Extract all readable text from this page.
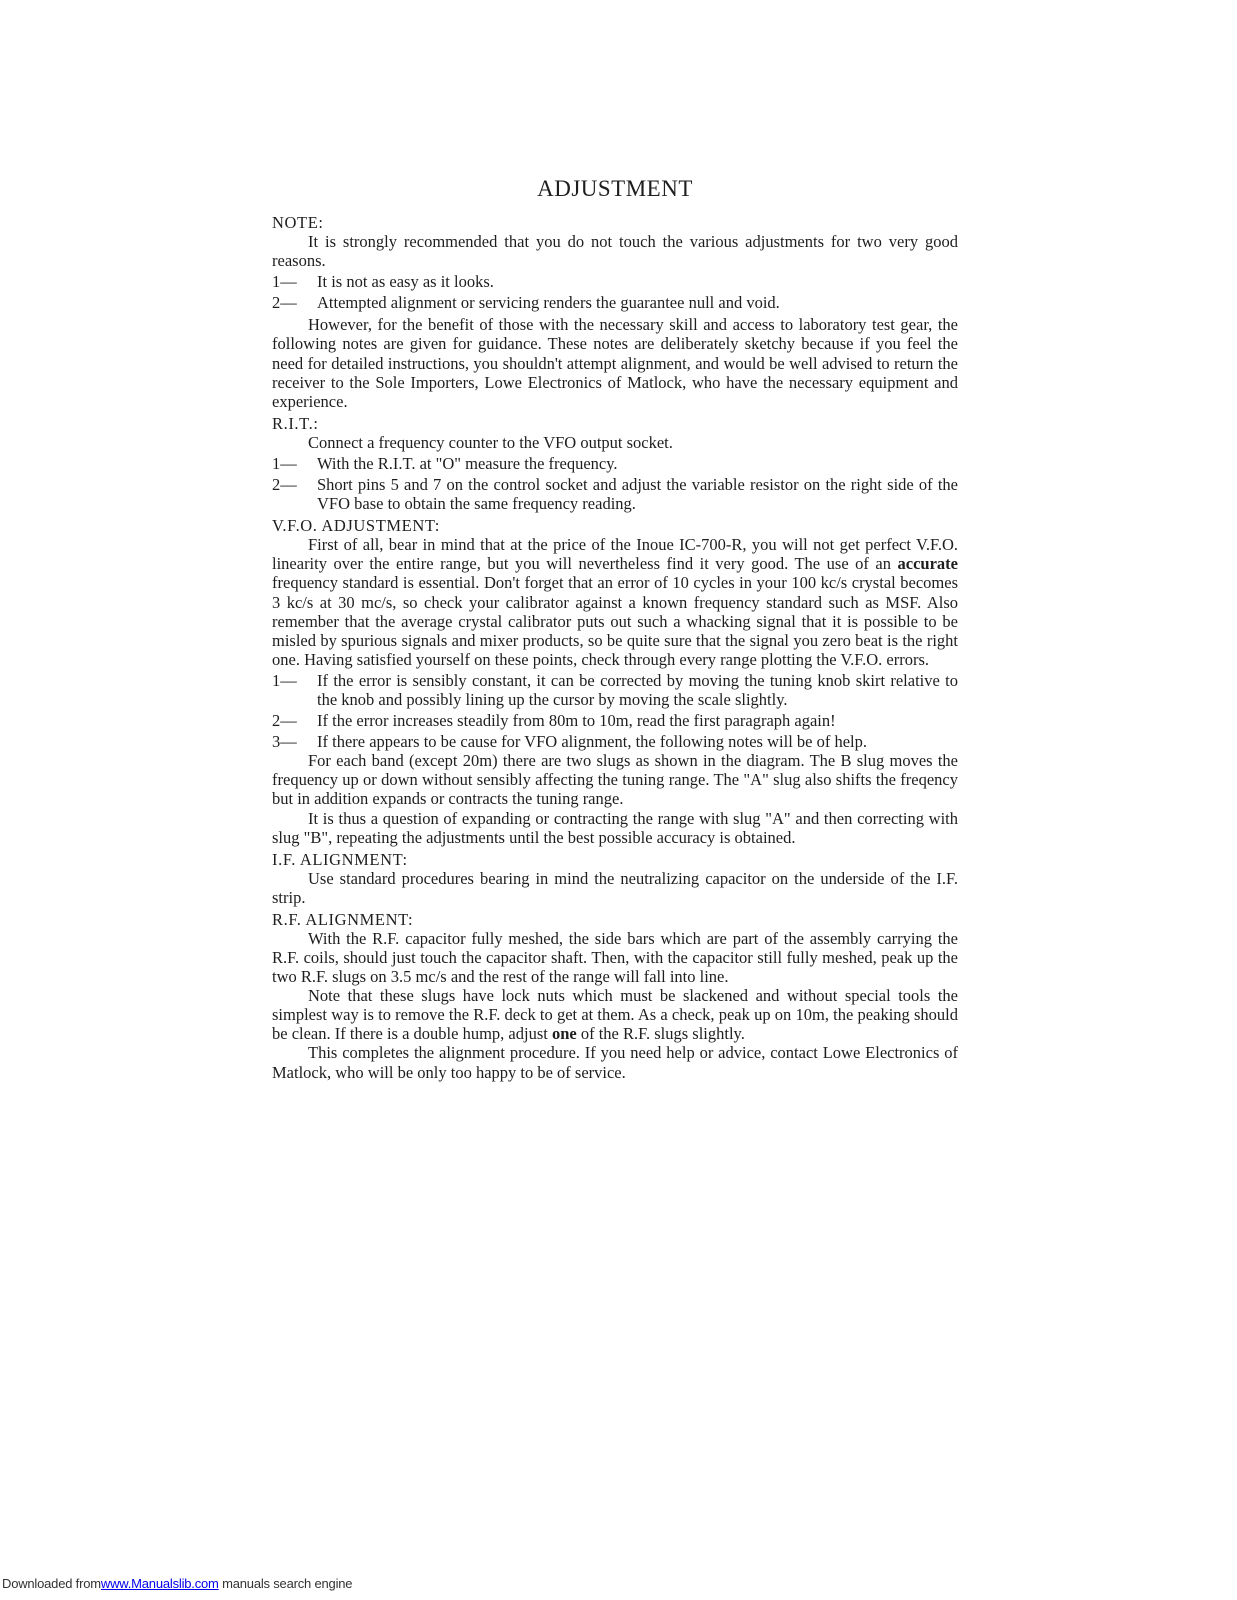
ADJUSTMENT
NOTE:

It is strongly recommended that you do not touch the various adjustments for two very good reasons.

1— It is not as easy as it looks.
2— Attempted alignment or servicing renders the guarantee null and void.

However, for the benefit of those with the necessary skill and access to laboratory test gear, the following notes are given for guidance. These notes are deliberately sketchy because if you feel the need for detailed instructions, you shouldn't attempt alignment, and would be well advised to return the receiver to the Sole Importers, Lowe Electronics of Matlock, who have the necessary equipment and experience.

R.I.T.:

Connect a frequency counter to the VFO output socket.

1— With the R.I.T. at "O" measure the frequency.
2— Short pins 5 and 7 on the control socket and adjust the variable resistor on the right side of the VFO base to obtain the same frequency reading.
V.F.O. ADJUSTMENT:

First of all, bear in mind that at the price of the Inoue IC-700-R, you will not get perfect V.F.O. linearity over the entire range, but you will nevertheless find it very good. The use of an accurate frequency standard is essential. Don't forget that an error of 10 cycles in your 100 kc/s crystal becomes 3 kc/s at 30 mc/s, so check your calibrator against a known frequency standard such as MSF. Also remember that the average crystal calibrator puts out such a whacking signal that it is possible to be misled by spurious signals and mixer products, so be quite sure that the signal you zero beat is the right one. Having satisfied yourself on these points, check through every range plotting the V.F.O. errors.

1— If the error is sensibly constant, it can be corrected by moving the tuning knob skirt relative to the knob and possibly lining up the cursor by moving the scale slightly.
2— If the error increases steadily from 80m to 10m, read the first paragraph again!
3— If there appears to be cause for VFO alignment, the following notes will be of help.

For each band (except 20m) there are two slugs as shown in the diagram. The B slug moves the frequency up or down without sensibly affecting the tuning range. The "A" slug also shifts the freqency but in addition expands or contracts the tuning range.

It is thus a question of expanding or contracting the range with slug "A" and then correcting with slug "B", repeating the adjustments until the best possible accuracy is obtained.

I.F. ALIGNMENT:

Use standard procedures bearing in mind the neutralizing capacitor on the underside of the I.F. strip.

R.F. ALIGNMENT:

With the R.F. capacitor fully meshed, the side bars which are part of the assembly carrying the R.F. coils, should just touch the capacitor shaft. Then, with the capacitor still fully meshed, peak up the two R.F. slugs on 3.5 mc/s and the rest of the range will fall into line.

Note that these slugs have lock nuts which must be slackened and without special tools the simplest way is to remove the R.F. deck to get at them. As a check, peak up on 10m, the peaking should be clean. If there is a double hump, adjust one of the R.F. slugs slightly.

This completes the alignment procedure. If you need help or advice, contact Lowe Electronics of Matlock, who will be only too happy to be of service.

Downloaded fromwww.Manualslib.com manuals search engine
